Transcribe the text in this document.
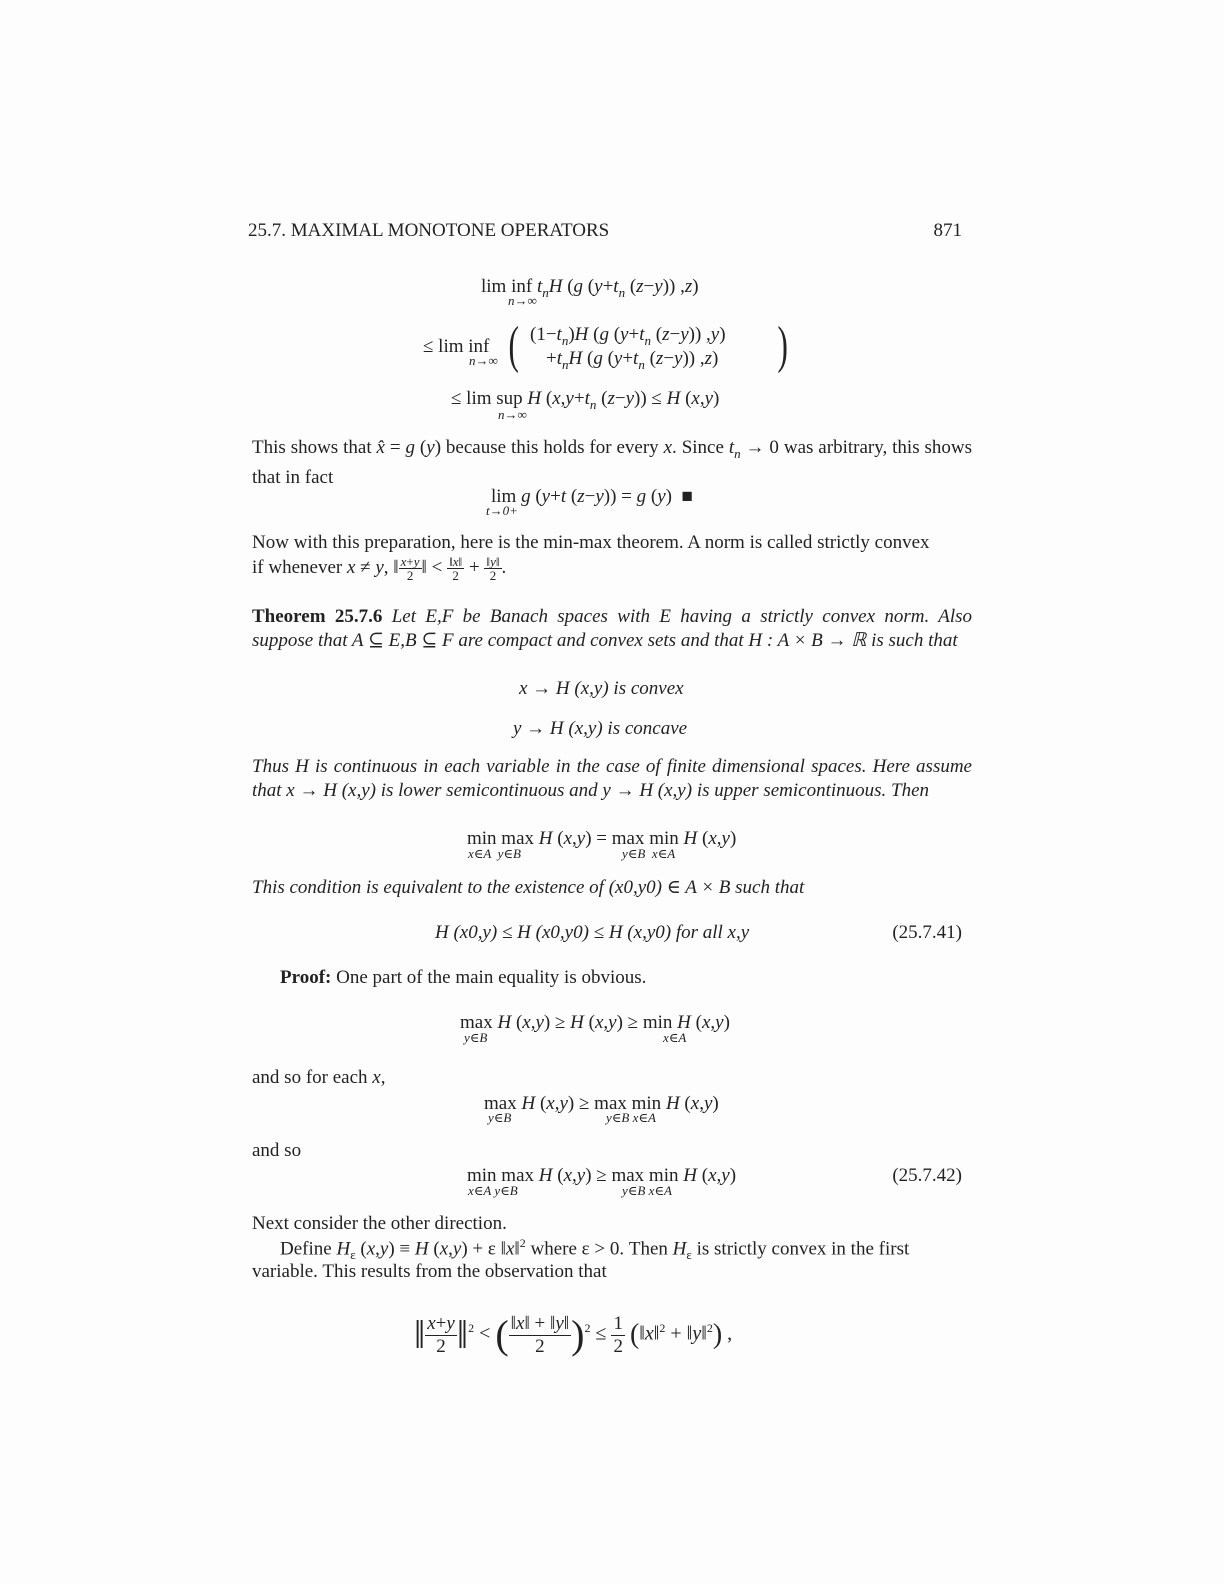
25.7. MAXIMAL MONOTONE OPERATORS	871
lim inf $t_nH$ (g ($y+t_n$ (z−y)) ,z)
n→∞
≤ lim inf
n→∞ ( $(1-t_n)H$ (g ($y+t_n$ (z−y)) ,y)
$+t_nH$ (g ($y+t_n$ (z−y)) ,z) )
≤ lim sup H ($x,y+t_n$ (z−y)) ≤ H (x,y)
n→∞
This shows that x̂ = g (y) because this holds for every x. Since $t_n \to 0$ was arbitrary, this shows that in fact
lim g (y+t (z−y)) = g (y)  ■
t→0+
Now with this preparation, here is the min-max theorem. A norm is called strictly convex
if whenever x ≠ y, ‖ $\frac{x+y}{2}$ ‖ < $\frac{‖x‖}{2} + \frac{‖y‖}{2}$ .
Theorem 25.7.6 Let E,F be Banach spaces with E having a strictly convex norm. Also suppose that A ⊆ E,B ⊆ F are compact and convex sets and that H : A × B → ℝ is such that
x → H (x,y) is convex
y → H (x,y) is concave
Thus H is continuous in each variable in the case of finite dimensional spaces. Here assume that x → H (x,y) is lower semicontinuous and y → H (x,y) is upper semicontinuous. Then
min max H (x,y) = max min H (x,y)
x∈A  y∈B	y∈B  x∈A
This condition is equivalent to the existence of (x0,y0) ∈ A × B such that
H (x0,y) ≤ H (x0,y0) ≤ H (x,y0) for all x,y	(25.7.41)
Proof: One part of the main equality is obvious.
max H (x,y) ≥ H (x,y) ≥ min H (x,y)
y∈B	x∈A
and so for each x,
max H (x,y) ≥ max min H (x,y)
y∈B	y∈B x∈A
and so
min max H (x,y) ≥ max min H (x,y)
x∈A y∈B	y∈B x∈A
(25.7.42)
Next consider the other direction.
Define $H_\varepsilon$ (x,y) ≡ H (x,y) + ε ‖x‖$^2$ where ε > 0. Then $H_\varepsilon$ is strictly convex in the first
variable. This results from the observation that
‖ $\frac{x+y}{2}$ ‖$^2$ < ( $\frac{‖x‖ + ‖y‖}{2} )^2 \le \frac{1}{2}$ (‖x‖$^2$ + ‖y‖$^2$) ,
